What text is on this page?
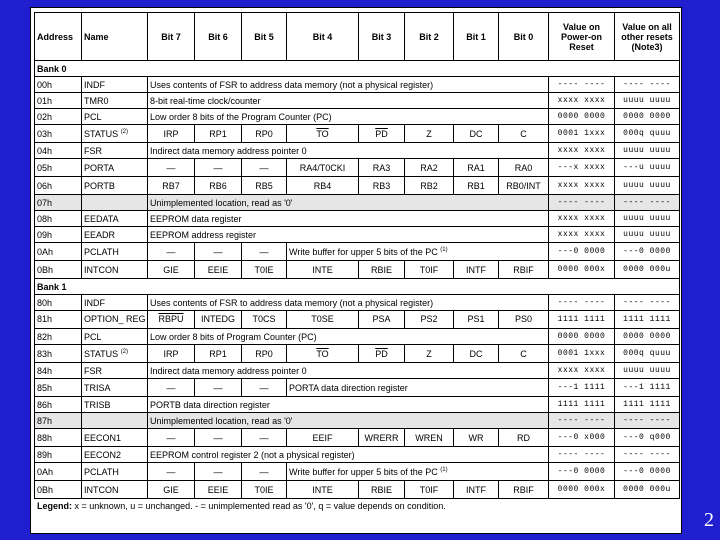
Address	Name	Bit 7	Bit 6	Bit 5	Bit 4	Bit 3	Bit 2	Bit 1	Bit 0	Value on Power-on Reset	Value on all other resets (Note3)
Bank 0											
00h	INDF	Uses contents of FSR to address data memory (not a physical register)								---- ----	---- ----
01h	TMR0	8-bit real-time clock/counter								xxxx xxxx	uuuu uuuu
02h	PCL	Low order 8 bits of the Program Counter (PC)								0000 0000	0000 0000
03h	STATUS $^{(2)}$	IRP	RP1	RP0	$\overline{TO}$	$\overline{PD}$	Z	DC	C	0001 1xxx	000q quuu
04h	FSR	Indirect data memory address pointer 0								xxxx xxxx	uuuu uuuu
05h	PORTA	—	—	—	RA4/T0CKI	RA3	RA2	RA1	RA0	---x xxxx	---u uuuu
06h	PORTB	RB7	RB6	RB5	RB4	RB3	RB2	RB1	RB0/INT	xxxx xxxx	uuuu uuuu
07h		Unimplemented location, read as '0'								---- ----	---- ----
08h	EEDATA	EEPROM data register								xxxx xxxx	uuuu uuuu
09h	EEADR	EEPROM address register								xxxx xxxx	uuuu uuuu
0Ah	PCLATH	—	—	—	Write buffer for upper 5 bits of the PC $^{(1)}$					---0 0000	---0 0000
0Bh	INTCON	GIE	EEIE	T0IE	INTE	RBIE	T0IF	INTF	RBIF	0000 000x	0000 000u
Bank 1											
80h	INDF	Uses contents of FSR to address data memory (not a physical register)								---- ----	---- ----
81h	OPTION_ REG	RBPU	INTEDG	T0CS	T0SE	PSA	PS2	PS1	PS0	1111 1111	1111 1111
82h	PCL	Low order 8 bits of Program Counter (PC)								0000 0000	0000 0000
83h	STATUS $^{(2)}$	IRP	RP1	RP0	$\overline{TO}$	$\overline{PD}$	Z	DC	C	0001 1xxx	000q quuu
84h	FSR	Indirect data memory address pointer 0								xxxx xxxx	uuuu uuuu
85h	TRISA	—	—	—	PORTA data direction register					---1 1111	---1 1111
86h	TRISB	PORTB data direction register								1111 1111	1111 1111
87h		Unimplemented location, read as '0'								---- ----	---- ----
88h	EECON1	—	—	—	EEIF	WRERR	WREN	WR	RD	---0 x000	---0 q000
89h	EECON2	EEPROM control register 2 (not a physical register)								---- ----	---- ----
0Ah	PCLATH	—	—	—	Write buffer for upper 5 bits of the PC $^{(1)}$					---0 0000	---0 0000
0Bh	INTCON	GIE	EEIE	T0IE	INTE	RBIE	T0IF	INTF	RBIF	0000 000x	0000 000u
Legend: x = unknown, u = unchanged. - = unimplemented read as '0', q = value depends on condition.
2
